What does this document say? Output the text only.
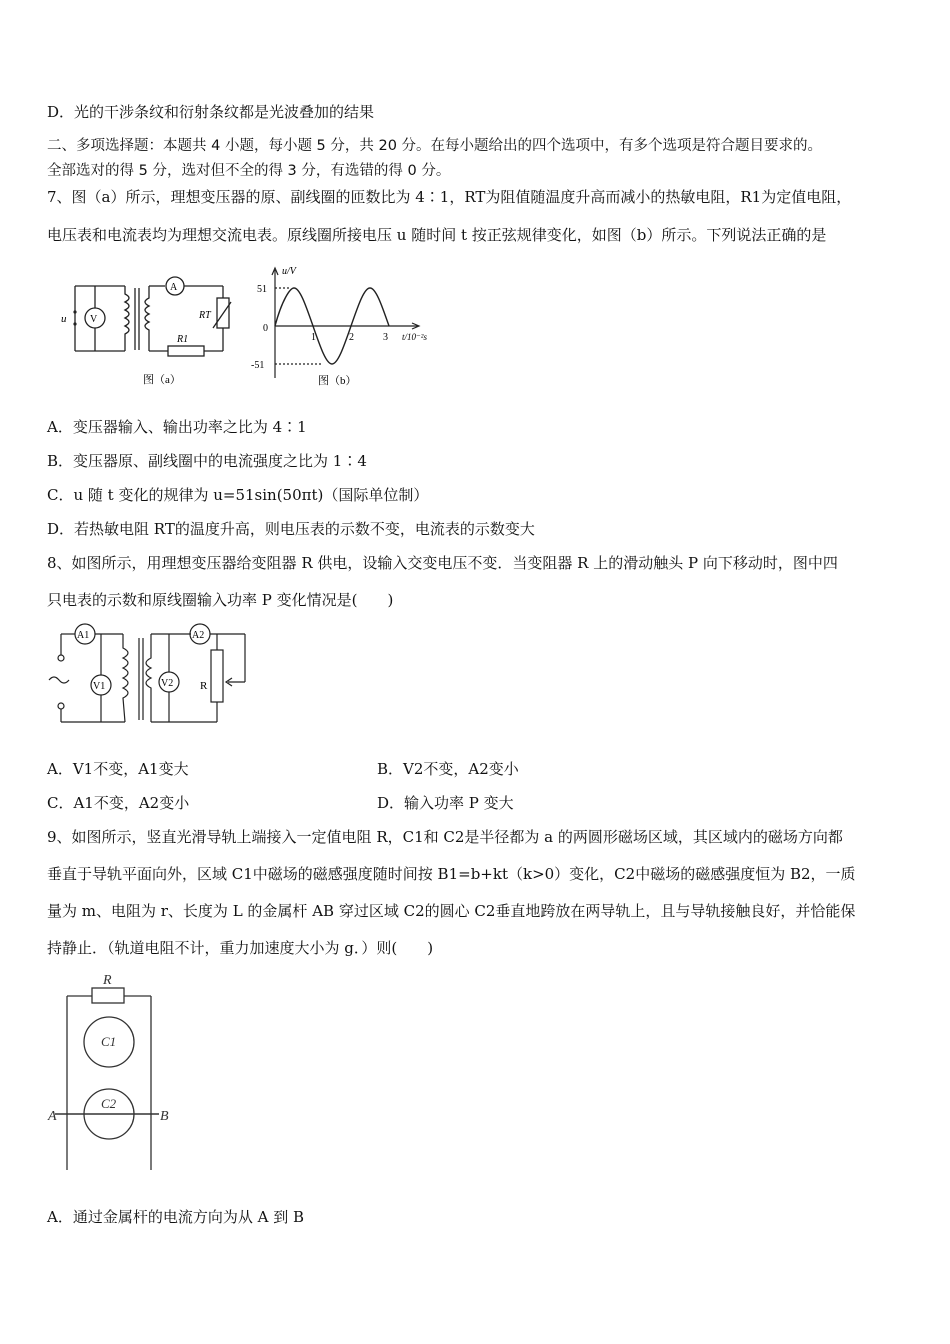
D．光的干涉条纹和衍射条纹都是光波叠加的结果
二、多项选择题：本题共 4 小题，每小题 5 分，共 20 分。在每小题给出的四个选项中，有多个选项是符合题目要求的。
全部选对的得 5 分，选对但不全的得 3 分，有选错的得 0 分。
7、图（a）所示，理想变压器的原、副线圈的匝数比为 4∶1，RT为阻值随温度升高而减小的热敏电阻，R1为定值电阻，
电压表和电流表均为理想交流电表。原线圈所接电压 u 随时间 t 按正弦规律变化，如图（b）所示。下列说法正确的是
u V
A
RT
R1
图（a）
u/V
51
0
-51
1	2	3 t/10⁻²s
图（b）
A．变压器输入、输出功率之比为 4∶1
B．变压器原、副线圈中的电流强度之比为 1∶4
C．u 随 t 变化的规律为 u=51sin(50πt)（国际单位制）
D．若热敏电阻 RT的温度升高，则电压表的示数不变，电流表的示数变大
8、如图所示，用理想变压器给变阻器 R 供电，设输入交变电压不变．当变阻器 R 上的滑动触头 P 向下移动时，图中四
只电表的示数和原线圈输入功率 P 变化情况是(　　)
A1	A2
V1	V2 R
A．V1不变，A1变大	B．V2不变，A2变小
C．A1不变，A2变小	D．输入功率 P 变大
9、如图所示，竖直光滑导轨上端接入一定值电阻 R，C1和 C2是半径都为 a 的两圆形磁场区域，其区域内的磁场方向都
垂直于导轨平面向外，区域 C1中磁场的磁感强度随时间按 B1=b+kt（k>0）变化，C2中磁场的磁感强度恒为 B2，一质
量为 m、电阻为 r、长度为 L 的金属杆 AB 穿过区域 C2的圆心 C2垂直地跨放在两导轨上，且与导轨接触良好，并恰能保
持静止．（轨道电阻不计，重力加速度大小为 g．）则(　　)
R
C1
C2
A	B
A．通过金属杆的电流方向为从 A 到 B
